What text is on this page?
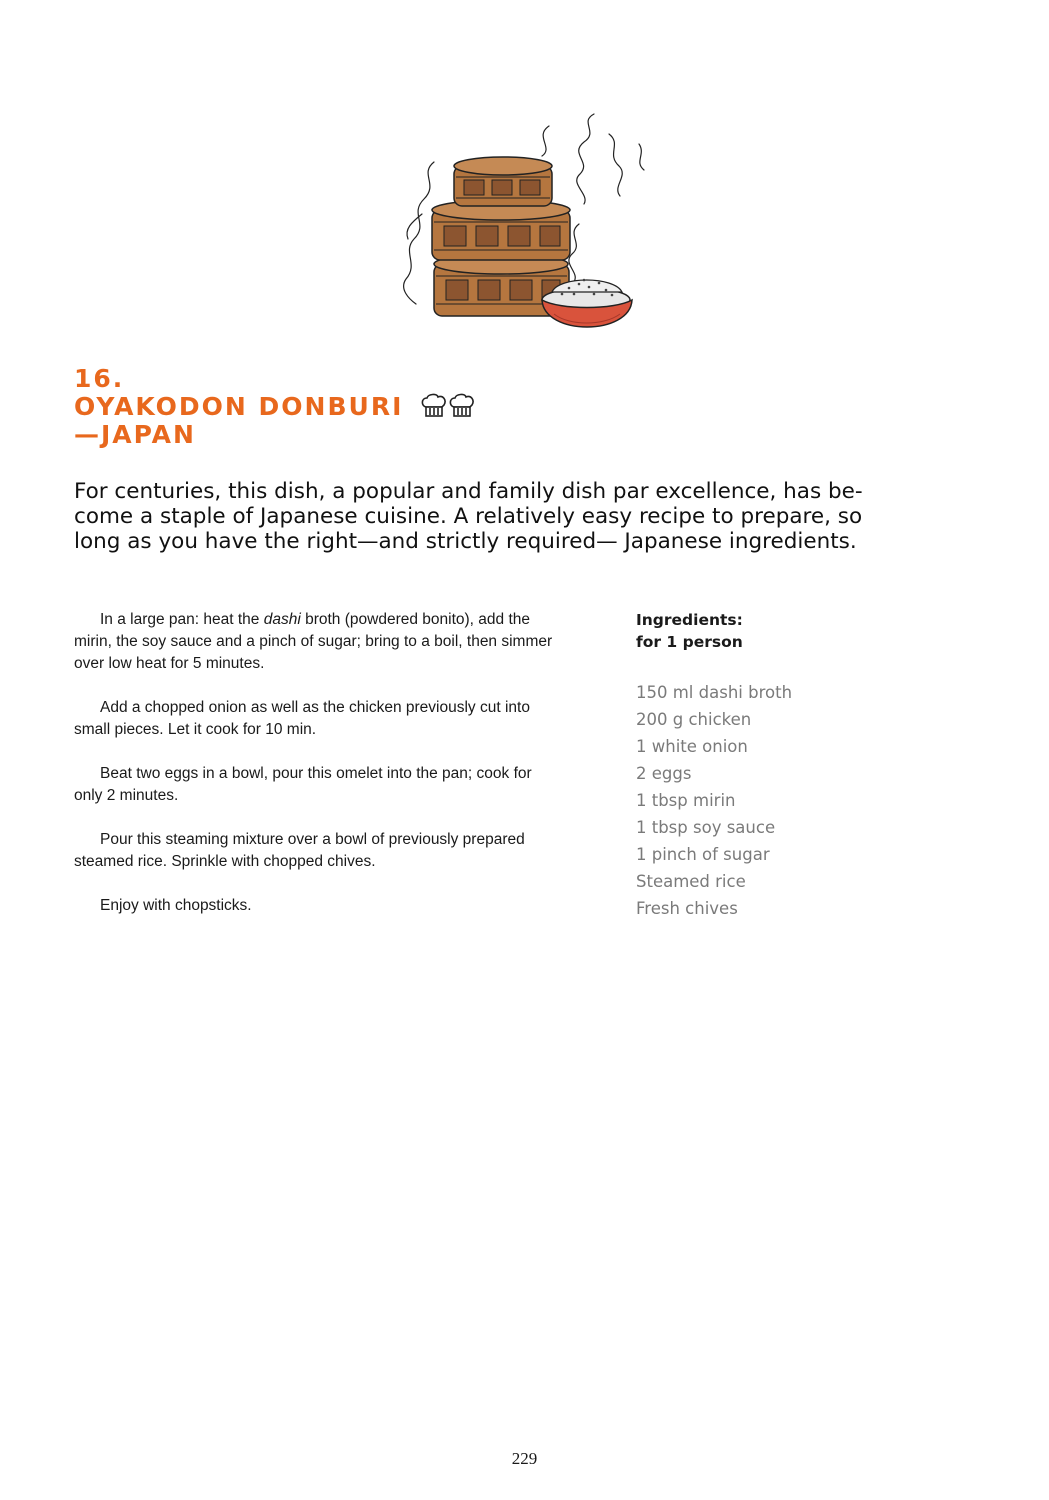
16.
OYAKODON DONBURI
—JAPAN

For centuries, this dish, a popular and family dish par excellence, has be-
come a staple of Japanese cuisine. A relatively easy recipe to prepare, so
long as you have the right—and strictly required— Japanese ingredients.

In a large pan: heat the dashi broth (powdered bonito), add the
mirin, the soy sauce and a pinch of sugar; bring to a boil, then simmer
over low heat for 5 minutes.
Add a chopped onion as well as the chicken previously cut into
small pieces. Let it cook for 10 min.
Beat two eggs in a bowl, pour this omelet into the pan; cook for
only 2 minutes.
Pour this steaming mixture over a bowl of previously prepared
steamed rice. Sprinkle with chopped chives.
Enjoy with chopsticks.
Ingredients:
for 1 person
150 ml dashi broth
200 g chicken
1 white onion
2 eggs
1 tbsp mirin
1 tbsp soy sauce
1 pinch of sugar
Steamed rice
Fresh chives
229
